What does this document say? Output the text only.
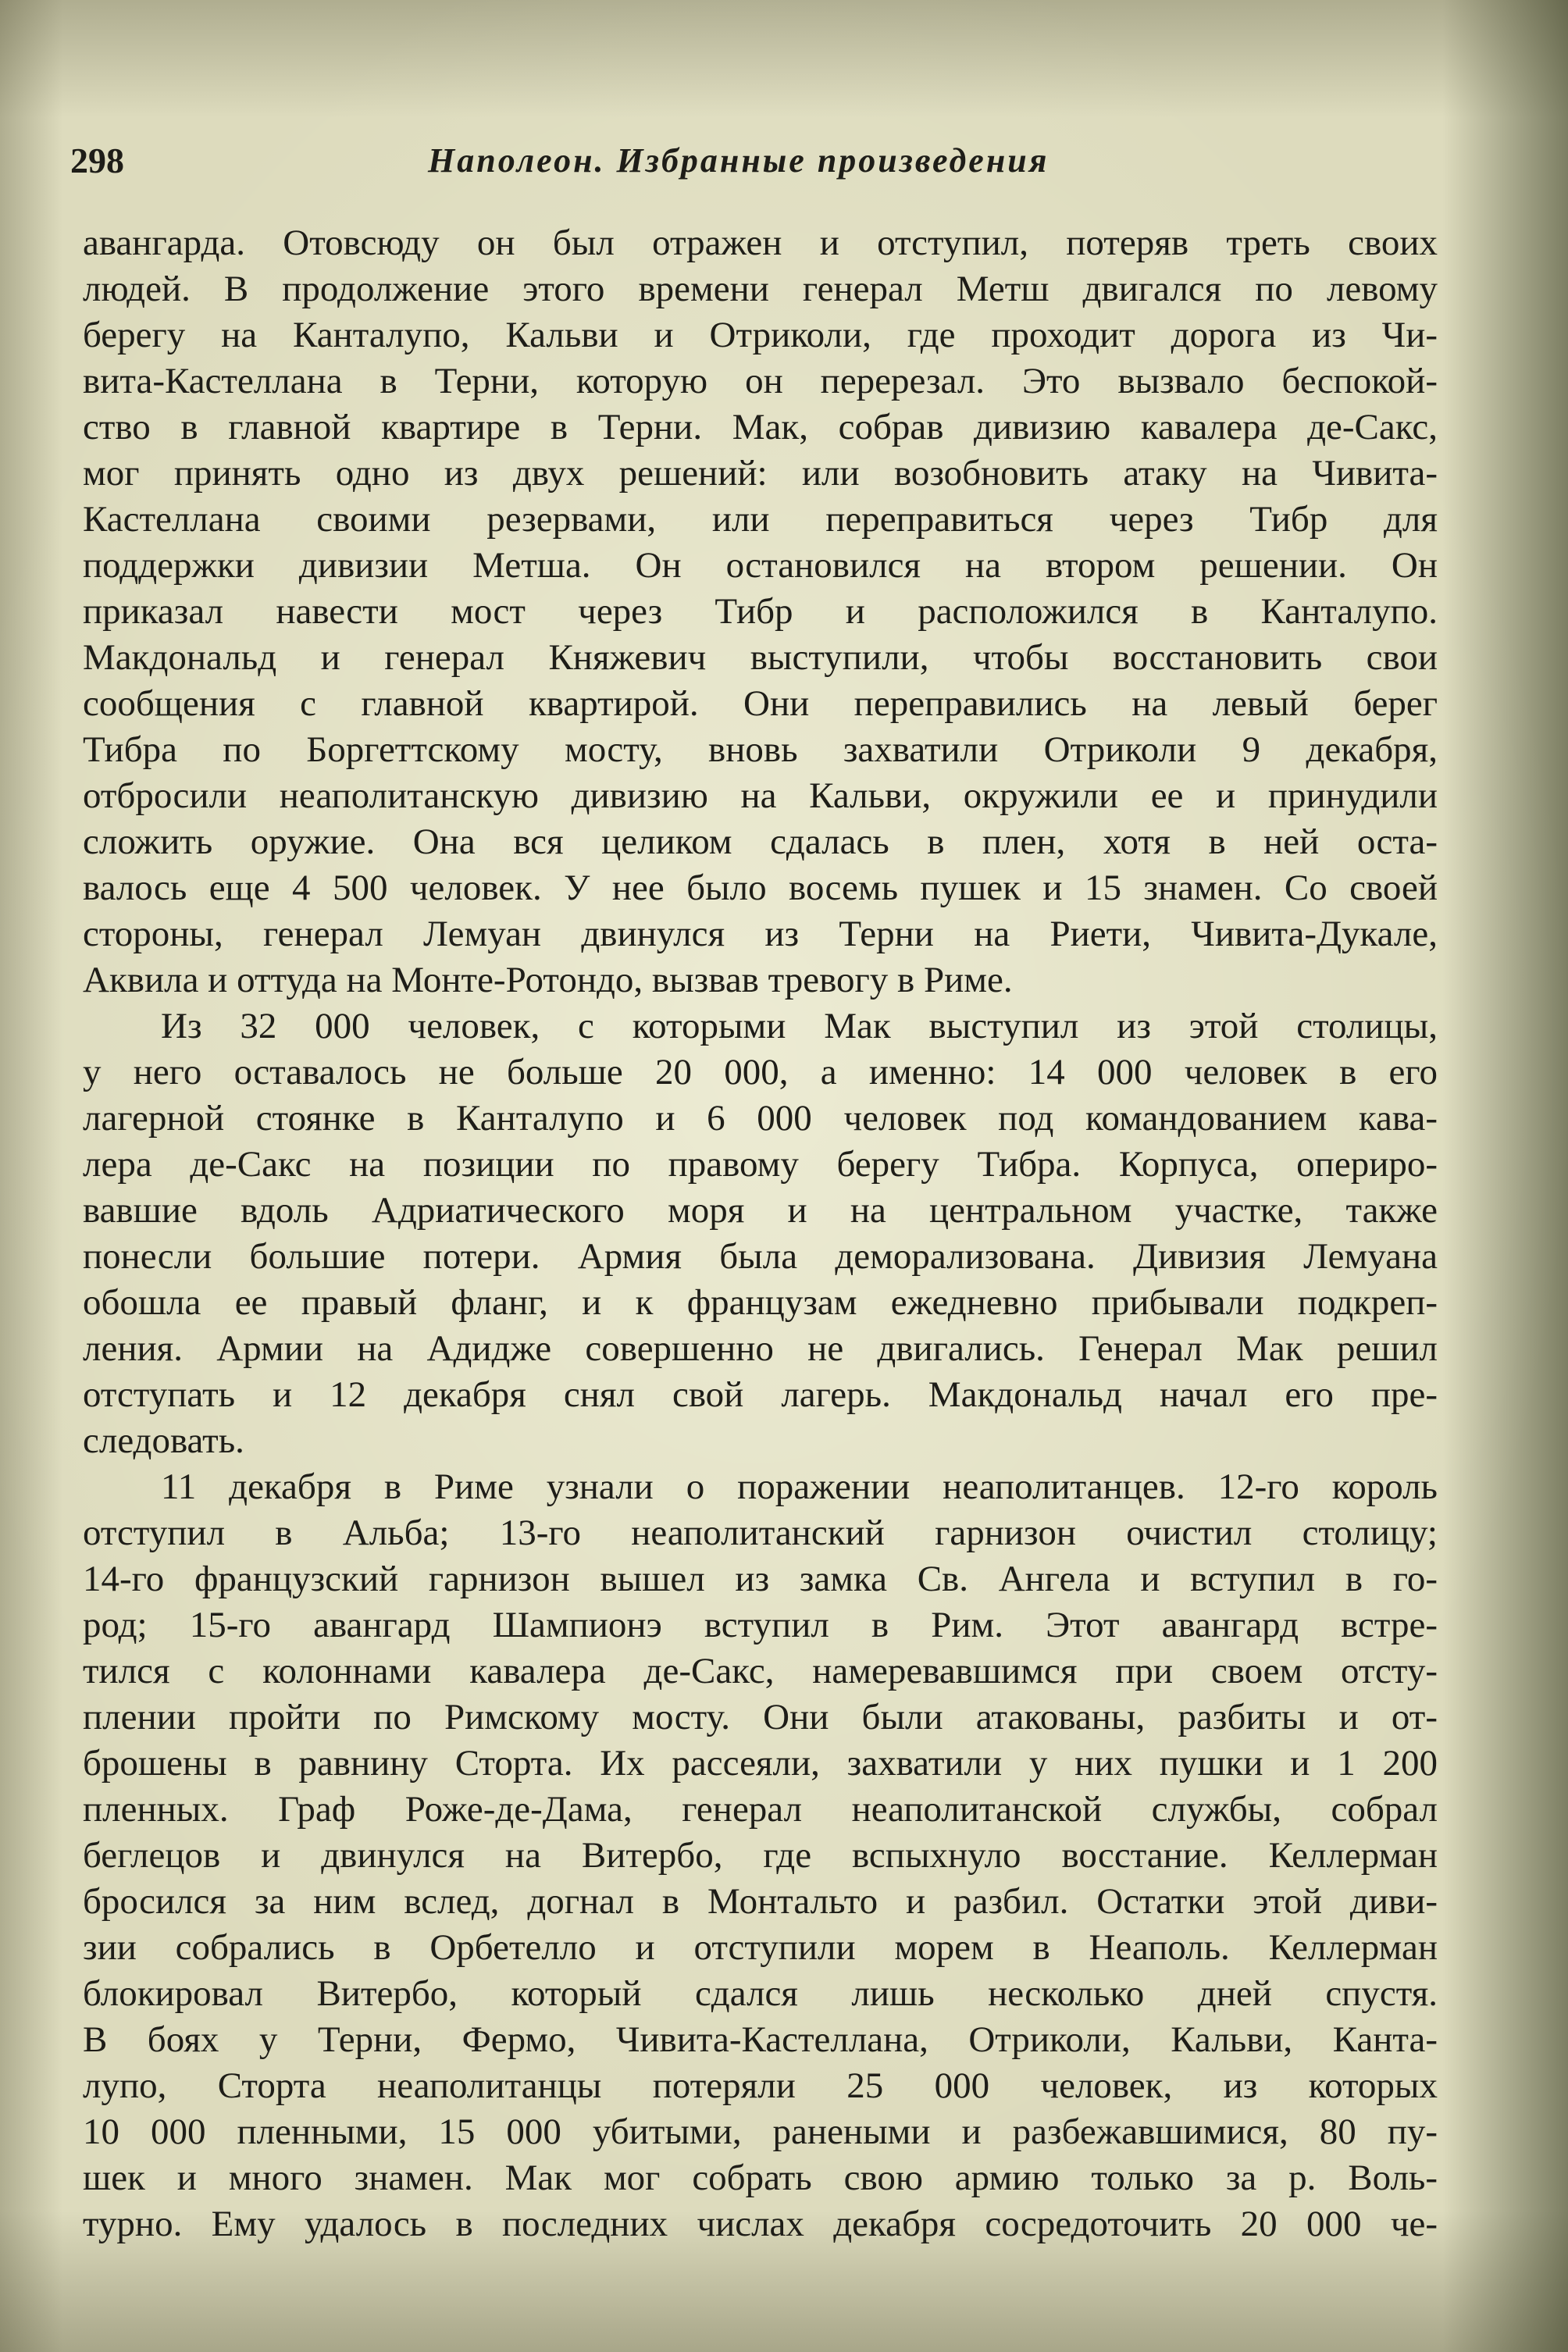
298	Наполеон. Избранные произведения
авангарда. Отовсюду он был отражен и отступил, потеряв треть своих
людей. В продолжение этого времени генерал Метш двигался по левому
берегу на Канталупо, Кальви и Отриколи, где проходит дорога из Чи-
вита-Кастеллана в Терни, которую он перерезал. Это вызвало беспокой-
ство в главной квартире в Терни. Мак, собрав дивизию кавалера де-Сакс,
мог принять одно из двух решений: или возобновить атаку на Чивита-
Кастеллана своими резервами, или переправиться через Тибр для
поддержки дивизии Метша. Он остановился на втором решении. Он
приказал навести мост через Тибр и расположился в Канталупо.
Макдональд и генерал Княжевич выступили, чтобы восстановить свои
сообщения с главной квартирой. Они переправились на левый берег
Тибра по Боргеттскому мосту, вновь захватили Отриколи 9 декабря,
отбросили неаполитанскую дивизию на Кальви, окружили ее и принудили
сложить оружие. Она вся целиком сдалась в плен, хотя в ней оста-
валось еще 4 500 человек. У нее было восемь пушек и 15 знамен. Со своей
стороны, генерал Лемуан двинулся из Терни на Риети, Чивита-Дукале,
Аквила и оттуда на Монте-Ротондо, вызвав тревогу в Риме.
Из 32 000 человек, с которыми Мак выступил из этой столицы,
у него оставалось не больше 20 000, а именно: 14 000 человек в его
лагерной стоянке в Канталупо и 6 000 человек под командованием кава-
лера де-Сакс на позиции по правому берегу Тибра. Корпуса, опериро-
вавшие вдоль Адриатического моря и на центральном участке, также
понесли большие потери. Армия была деморализована. Дивизия Лемуана
обошла ее правый фланг, и к французам ежедневно прибывали подкреп-
ления. Армии на Адидже совершенно не двигались. Генерал Мак решил
отступать и 12 декабря снял свой лагерь. Макдональд начал его пре-
следовать.
11 декабря в Риме узнали о поражении неаполитанцев. 12-го король
отступил в Альба; 13-го неаполитанский гарнизон очистил столицу;
14-го французский гарнизон вышел из замка Св. Ангела и вступил в го-
род; 15-го авангард Шампионэ вступил в Рим. Этот авангард встре-
тился с колоннами кавалера де-Сакс, намеревавшимся при своем отсту-
плении пройти по Римскому мосту. Они были атакованы, разбиты и от-
брошены в равнину Сторта. Их рассеяли, захватили у них пушки и 1 200
пленных. Граф Роже-де-Дама, генерал неаполитанской службы, собрал
беглецов и двинулся на Витербо, где вспыхнуло восстание. Келлерман
бросился за ним вслед, догнал в Монтальто и разбил. Остатки этой диви-
зии собрались в Орбетелло и отступили морем в Неаполь. Келлерман
блокировал Витербо, который сдался лишь несколько дней спустя.
В боях у Терни, Фермо, Чивита-Кастеллана, Отриколи, Кальви, Канта-
лупо, Сторта неаполитанцы потеряли 25 000 человек, из которых
10 000 пленными, 15 000 убитыми, ранеными и разбежавшимися, 80 пу-
шек и много знамен. Мак мог собрать свою армию только за р. Воль-
турно. Ему удалось в последних числах декабря сосредоточить 20 000 че-
